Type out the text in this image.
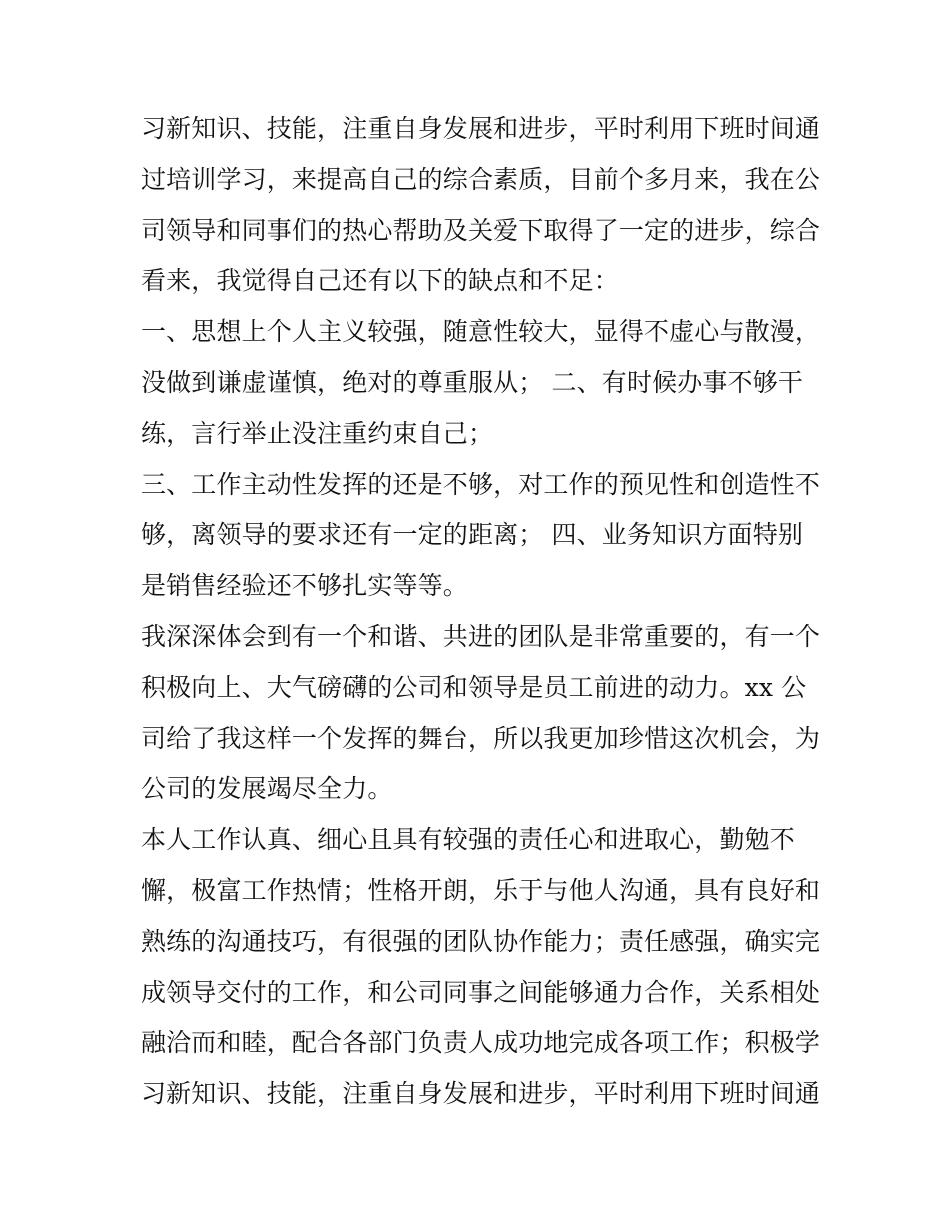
习新知识、技能，注重自身发展和进步，平时利用下班时间通
过培训学习，来提高自己的综合素质，目前个多月来，我在公
司领导和同事们的热心帮助及关爱下取得了一定的进步，综合
看来，我觉得自己还有以下的缺点和不足：
一、思想上个人主义较强，随意性较大，显得不虚心与散漫，
没做到谦虚谨慎，绝对的尊重服从； 二、有时候办事不够干
练，言行举止没注重约束自己；
三、工作主动性发挥的还是不够，对工作的预见性和创造性不
够，离领导的要求还有一定的距离； 四、业务知识方面特别
是销售经验还不够扎实等等。
我深深体会到有一个和谐、共进的团队是非常重要的，有一个
积极向上、大气磅礴的公司和领导是员工前进的动力。xx 公
司给了我这样一个发挥的舞台，所以我更加珍惜这次机会，为
公司的发展竭尽全力。
本人工作认真、细心且具有较强的责任心和进取心，勤勉不
懈，极富工作热情；性格开朗，乐于与他人沟通，具有良好和
熟练的沟通技巧，有很强的团队协作能力；责任感强，确实完
成领导交付的工作，和公司同事之间能够通力合作，关系相处
融洽而和睦，配合各部门负责人成功地完成各项工作；积极学
习新知识、技能，注重自身发展和进步，平时利用下班时间通
